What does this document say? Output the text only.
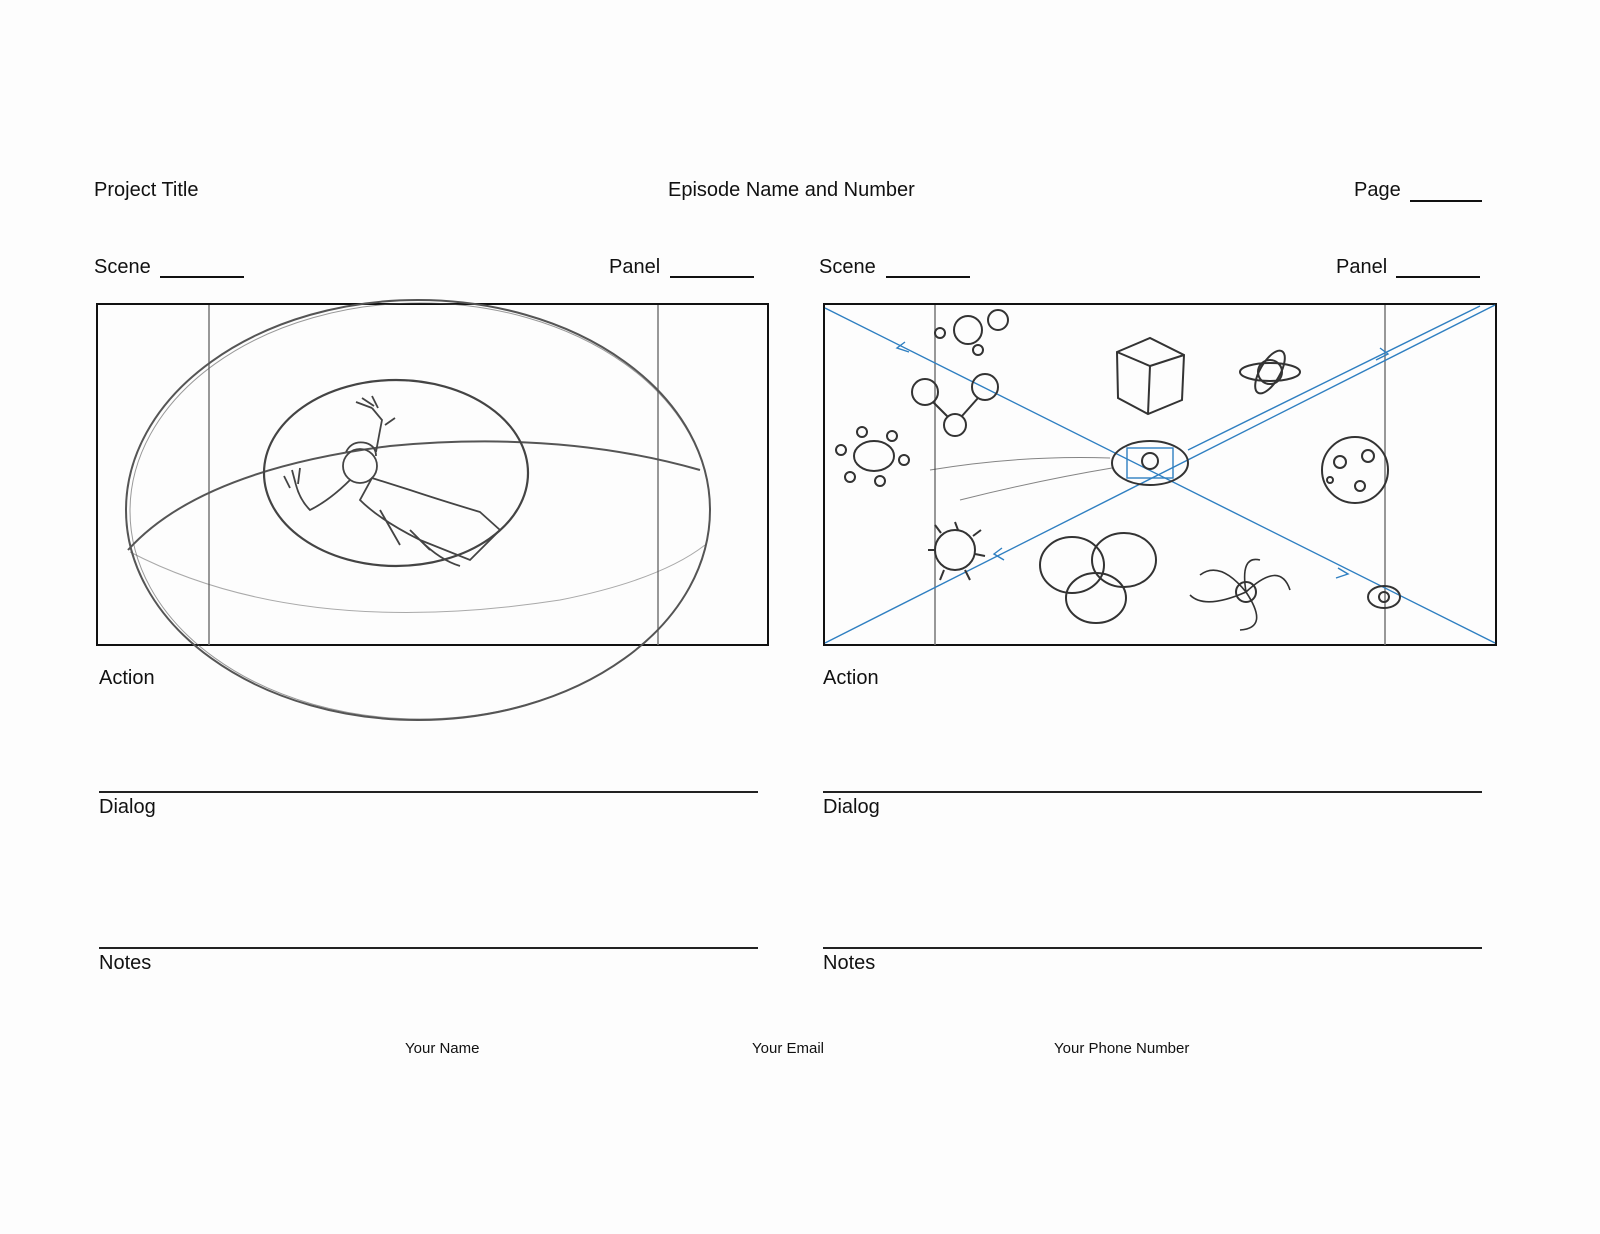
Project Title	Episode Name and Number	Page
Scene	Panel	Scene	Panel
Action
Dialog
Notes
Action
Dialog
Notes
Your Name	Your Email	Your Phone Number
